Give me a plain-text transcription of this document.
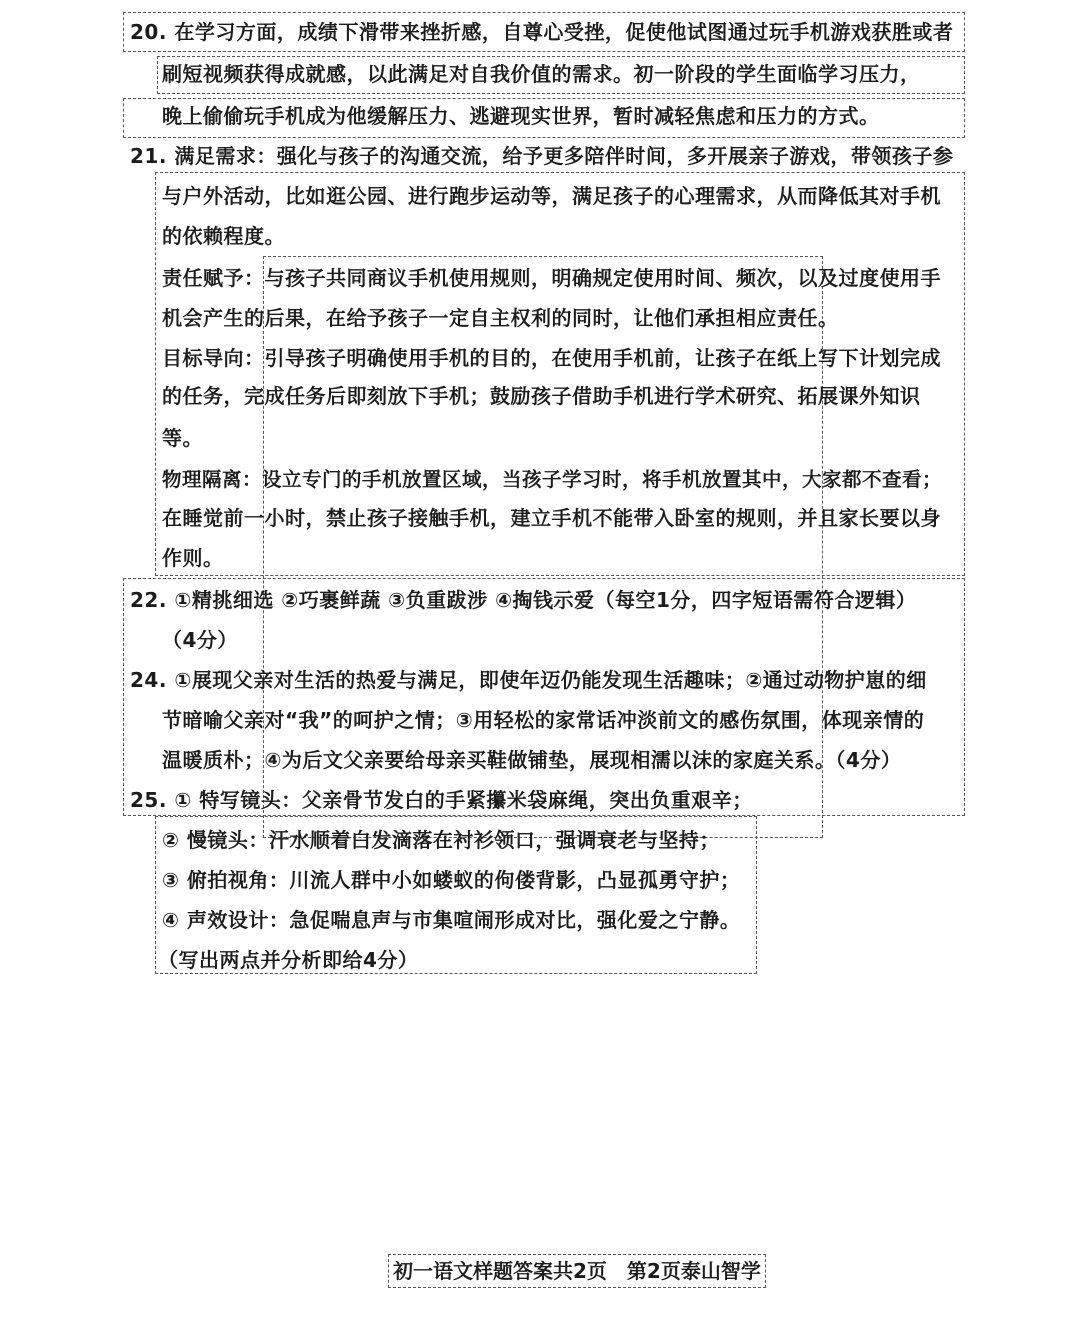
20. 在学习方面，成绩下滑带来挫折感，自尊心受挫，促使他试图通过玩手机游戏获胜或者
刷短视频获得成就感，以此满足对自我价值的需求。初一阶段的学生面临学习压力，
晚上偷偷玩手机成为他缓解压力、逃避现实世界，暂时减轻焦虑和压力的方式。
21. 满足需求：强化与孩子的沟通交流，给予更多陪伴时间，多开展亲子游戏，带领孩子参
与户外活动，比如逛公园、进行跑步运动等，满足孩子的心理需求，从而降低其对手机
的依赖程度。
责任赋予：与孩子共同商议手机使用规则，明确规定使用时间、频次，以及过度使用手
机会产生的后果，在给予孩子一定自主权利的同时，让他们承担相应责任。
目标导向：引导孩子明确使用手机的目的，在使用手机前，让孩子在纸上写下计划完成
的任务，完成任务后即刻放下手机；鼓励孩子借助手机进行学术研究、拓展课外知识
等。
物理隔离：设立专门的手机放置区域，当孩子学习时，将手机放置其中，大家都不查看；
在睡觉前一小时，禁止孩子接触手机，建立手机不能带入卧室的规则，并且家长要以身
作则。
22. ①精挑细选 ②巧裹鲜蔬 ③负重跋涉 ④掏钱示爱（每空1分，四字短语需符合逻辑）
（4分）
24. ①展现父亲对生活的热爱与满足，即使年迈仍能发现生活趣味；②通过动物护崽的细
节暗喻父亲对“我”的呵护之情；③用轻松的家常话冲淡前文的感伤氛围，体现亲情的
温暖质朴；④为后文父亲要给母亲买鞋做铺垫，展现相濡以沫的家庭关系。（4分）
25. ① 特写镜头：父亲骨节发白的手紧攥米袋麻绳，突出负重艰辛；
② 慢镜头：汗水顺着白发滴落在衬衫领口，强调衰老与坚持；
③ 俯拍视角：川流人群中小如蝼蚁的佝偻背影，凸显孤勇守护；
④ 声效设计：急促喘息声与市集喧闹形成对比，强化爱之宁静。
（写出两点并分析即给4分）
初一语文样题答案共2页　第2页泰山智学
